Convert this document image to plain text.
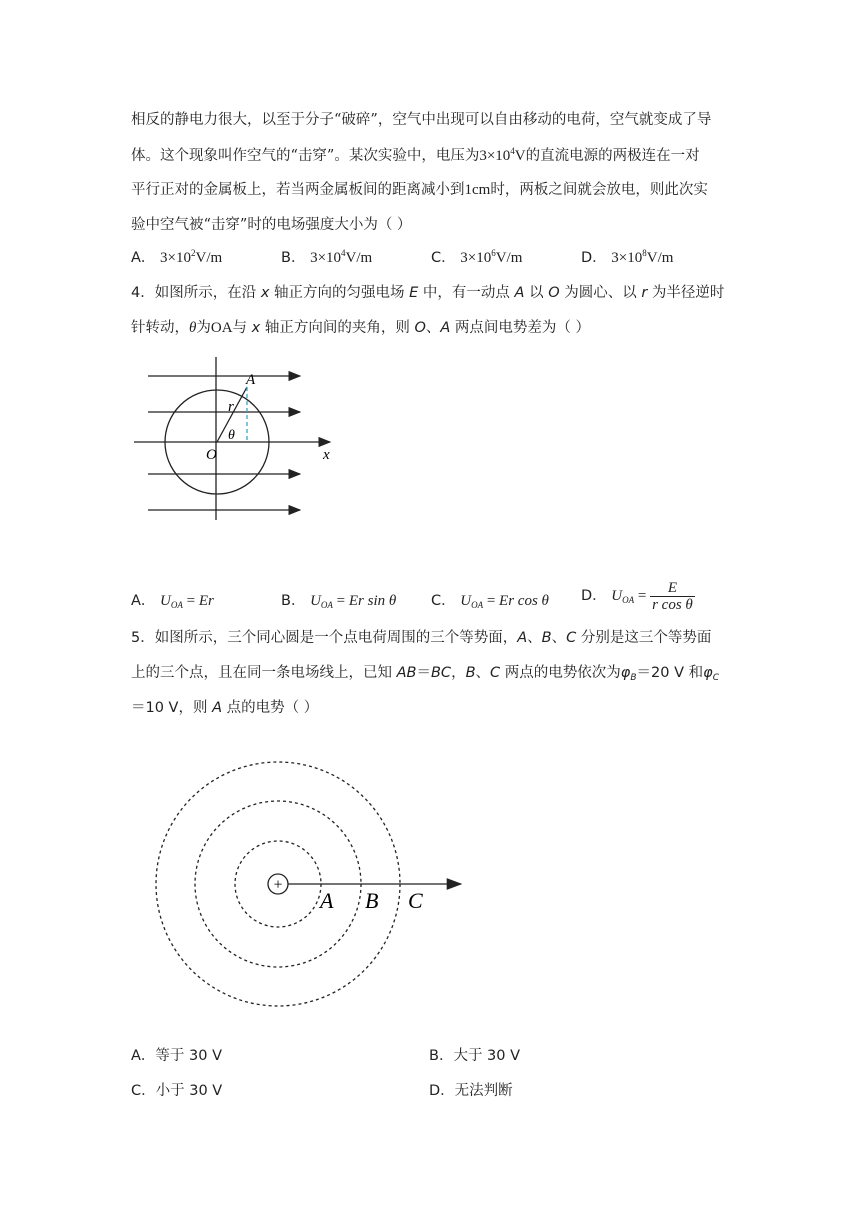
相反的静电力很大，以至于分子“破碎”，空气中出现可以自由移动的电荷，空气就变成了导
体。这个现象叫作空气的“击穿”。某次实验中，电压为$3\times 10^4V$的直流电源的两极连在一对
平行正对的金属板上，若当两金属板间的距离减小到1cm时，两板之间就会放电，则此次实
验中空气被“击穿”时的电场强度大小为（ ）
A． $3\times 10^2V/m$	B． $3\times 10^4V/m$	C． $3\times 10^6V/m$	D． $3\times 10^8V/m$
4．如图所示，在沿 x 轴正方向的匀强电场 E 中，有一动点 A 以 O 为圆心、以 r 为半径逆时
针转动，θ为OA与 x 轴正方向间的夹角，则 O、A 两点间电势差为（ ）
A
r
θ
O	x
A． $U_{OA} = Er$	B． $U_{OA} = Er$ sin θ C． $U_{OA} = Er$ cos θ D． $U_{OA} = \frac{E}{\text{r cos θ}}$
5．如图所示，三个同心圆是一个点电荷周围的三个等势面，A、B、C 分别是这三个等势面
上的三个点，且在同一条电场线上，已知 AB＝BC，B、C 两点的电势依次为$\varphi_B=20$ V 和$\varphi_C$
＝10 V，则 A 点的电势（ ）
+
A B C
A．等于 30 V	B．大于 30 V
C．小于 30 V	D．无法判断
